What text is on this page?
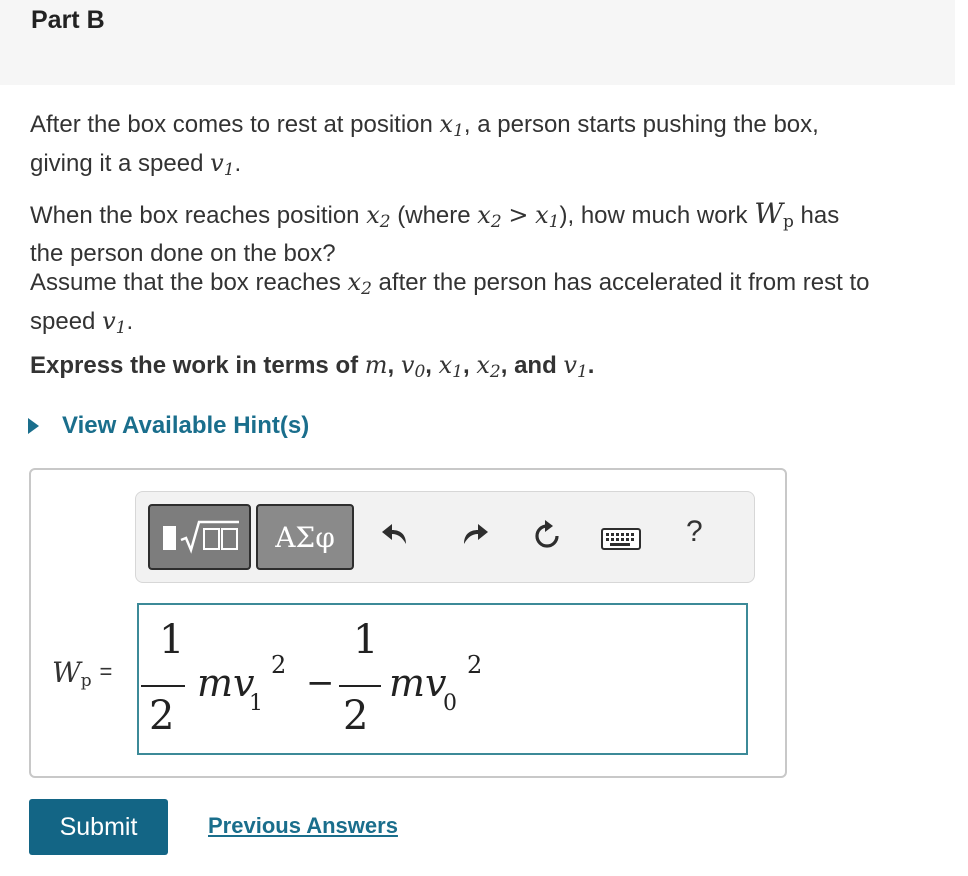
Part B
After the box comes to rest at position x1, a person starts pushing the box,
giving it a speed v1.
When the box reaches position x2 (where x2 > x1), how much work $W_p$ has
the person done on the box?
Assume that the box reaches x2 after the person has accelerated it from rest to
speed v1.
Express the work in terms of m, v0, x1, x2, and v1.
View Available Hint(s)
ΑΣφ	?
Wp =
1
2
mv
1
2 −
1
2
mv
0
2
Submit	Previous Answers
